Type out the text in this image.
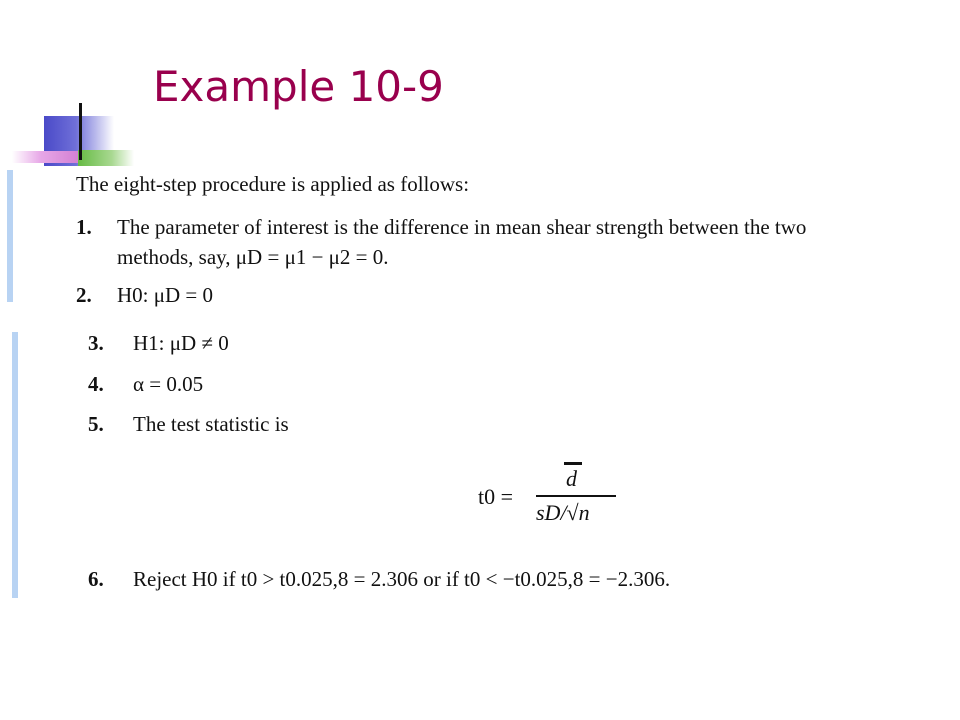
Example 10-9
The eight-step procedure is applied as follows:
1. The parameter of interest is the difference in mean shear strength between the two
methods, say, μD = μ1 − μ2 = 0.
2. H0: μD = 0
3. H1: μD ≠ 0
4. α = 0.05
5. The test statistic is
t0 =
d
sD/√n
6. Reject H0 if t0 > t0.025,8 = 2.306 or if t0 < −t0.025,8 = −2.306.
